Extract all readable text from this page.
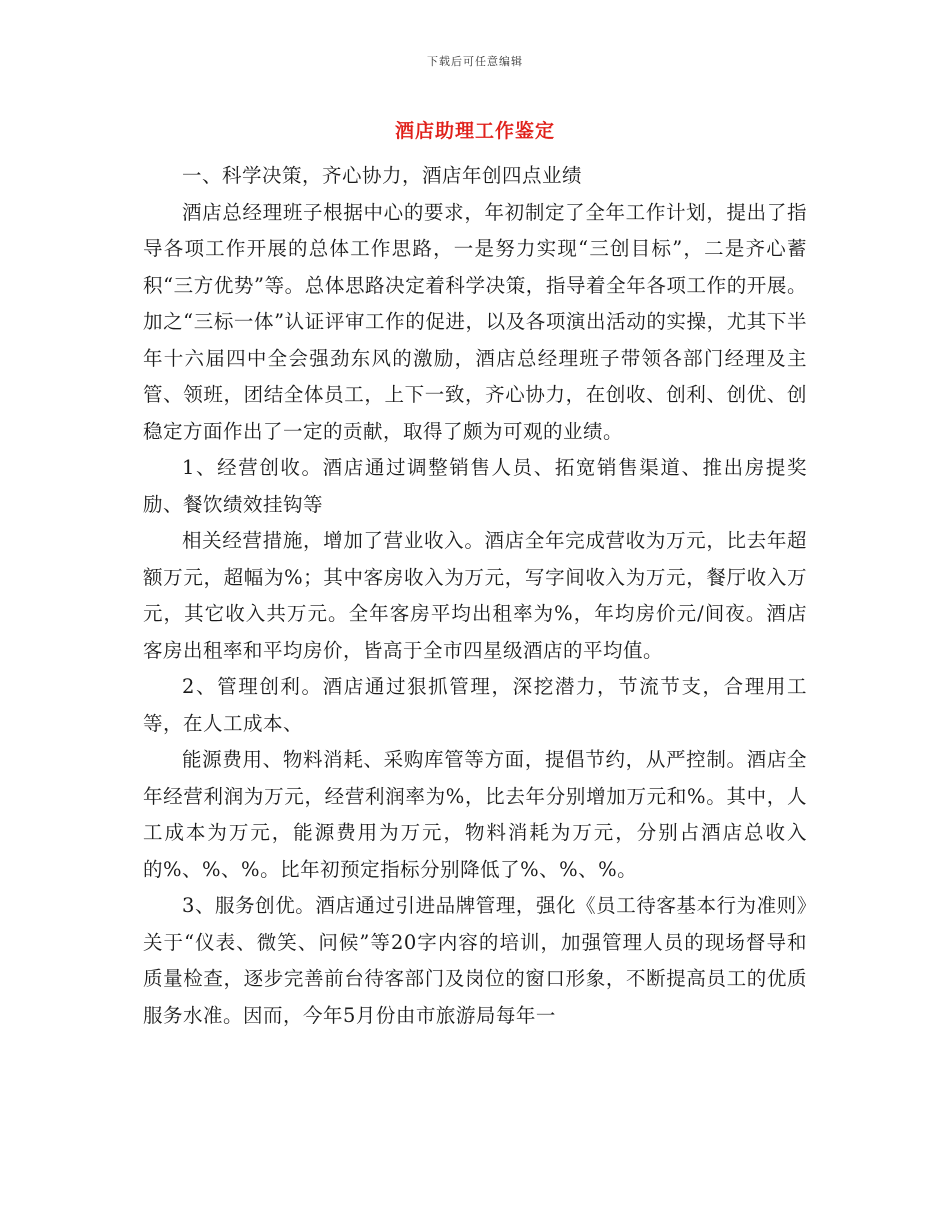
下载后可任意编辑
酒店助理工作鉴定

一、科学决策，齐心协力，酒店年创四点业绩

酒店总经理班子根据中心的要求，年初制定了全年工作计划，提出了指导各项工作开展的总体工作思路，一是努力实现“三创目标”，二是齐心蓄积“三方优势”等。总体思路决定着科学决策，指导着全年各项工作的开展。加之“三标一体”认证评审工作的促进，以及各项演出活动的实操，尤其下半年十六届四中全会强劲东风的激励，酒店总经理班子带领各部门经理及主管、领班，团结全体员工，上下一致，齐心协力，在创收、创利、创优、创稳定方面作出了一定的贡献，取得了颇为可观的业绩。

1、经营创收。酒店通过调整销售人员、拓宽销售渠道、推出房提奖励、餐饮绩效挂钩等

相关经营措施，增加了营业收入。酒店全年完成营收为万元，比去年超额万元，超幅为%；其中客房收入为万元，写字间收入为万元，餐厅收入万元，其它收入共万元。全年客房平均出租率为%，年均房价元/间夜。酒店客房出租率和平均房价，皆高于全市四星级酒店的平均值。

2、管理创利。酒店通过狠抓管理，深挖潜力，节流节支，合理用工等，在人工成本、

能源费用、物料消耗、采购库管等方面，提倡节约，从严控制。酒店全年经营利润为万元，经营利润率为%，比去年分别增加万元和%。其中，人工成本为万元，能源费用为万元，物料消耗为万元，分别占酒店总收入的%、%、%。比年初预定指标分别降低了%、%、%。

3、服务创优。酒店通过引进品牌管理，强化《员工待客基本行为准则》关于“仪表、微笑、问候”等20字内容的培训，加强管理人员的现场督导和质量检查，逐步完善前台待客部门及岗位的窗口形象，不断提高员工的优质服务水准。因而，今年5月份由市旅游局每年一
